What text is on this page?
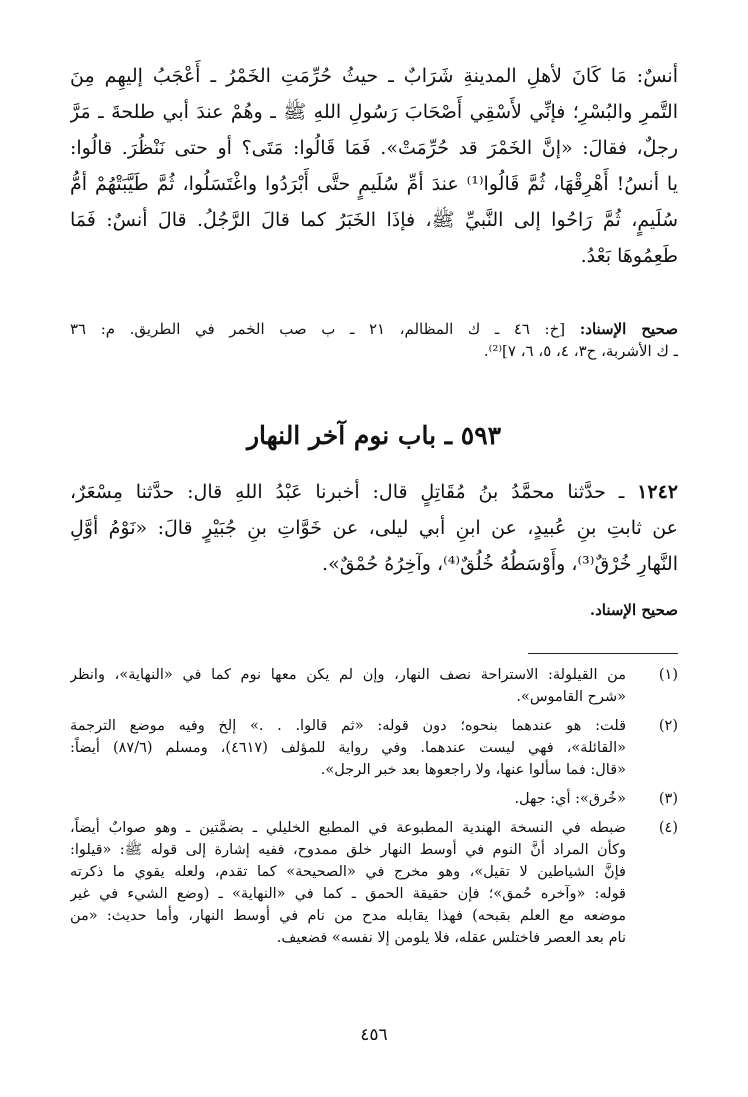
أنسٌ: مَا كَانَ لأهلِ المدينةِ شَرَابٌ ـ حيثُ حُرِّمَتِ الخَمْرُ ـ أَعْجَبُ إليهِم مِنَ
التَّمرِ والبُسْرِ؛ فإنِّي لأَسْقِي أَصْحَابَ رَسُولِ اللهِ ﷺ ـ وهُمْ عندَ أبي طلحةَ ـ مَرَّ
رجلٌ، فقالَ: «إنَّ الخَمْرَ قد حُرِّمَتْ». فَمَا قَالُوا: مَتَى؟ أو حتى نَنْظُرَ. قالُوا:
يا أنسُ! أَهْرِقْهَا، ثُمَّ قَالُوا⁽¹⁾ عندَ أمِّ سُلَيمٍ حتَّى أَبْرَدُوا واغْتَسَلُوا، ثُمَّ طَيَّبَتْهُمْ أمُّ
سُلَيمٍ، ثُمَّ رَاحُوا إلى النَّبيِّ ﷺ، فإذَا الخَبَرُ كما قالَ الرَّجُلُ. قالَ أنسٌ: فَمَا
طَعِمُوهَا بَعْدُ.
صحيح الإسناد: [خ: ٤٦ ـ ك المظالم، ٢١ ـ ب صب الخمر في الطريق. م: ٣٦
ـ ك الأشربة، ح٣، ٤، ٥، ٦، ٧]⁽²⁾.
٥٩٣ ـ باب نوم آخر النهار
١٢٤٢ ـ حدَّثنا محمَّدُ بنُ مُقَاتِلٍ قال: أخبرنا عَبْدُ اللهِ قال: حدَّثنا مِسْعَرٌ،
عن ثابتِ بنِ عُبيدٍ، عن ابنِ أبي ليلى، عن خَوَّاتِ بنِ جُبَيْرٍ قالَ: «نَوْمُ أوَّلِ
النَّهارِ خُرْقٌ⁽³⁾، وأَوْسَطُهُ خُلُقٌ⁽⁴⁾، وآخِرُهُ حُمْقٌ».
صحيح الإسناد.
(١)
من القيلولة: الاستراحة نصف النهار، وإن لم يكن معها نوم كما في «النهاية»، وانظر
«شرح القاموس».
(٢)
قلت: هو عندهما بنحوه؛ دون قوله: «ثم قالوا. . .» إلخ وفيه موضع الترجمة
«القائلة»، فهي ليست عندهما. وفي رواية للمؤلف (٤٦١٧)، ومسلم (٨٧/٦) أيضاً:
«قال: فما سألوا عنها، ولا راجعوها بعد خبر الرجل».
(٣)
«خُرق»: أي: جهل.
(٤)
ضبطه في النسخة الهندية المطبوعة في المطبع الخليلي ـ بضمَّتين ـ وهو صوابٌ أيضاً،
وكأن المراد أنَّ النوم في أوسط النهار خلق ممدوح، ففيه إشارة إلى قوله ﷺ: «قيلوا:
فإنَّ الشياطين لا تقيل»، وهو مخرج في «الصحيحة» كما تقدم، ولعله يقوي ما ذكرته
قوله: «وآخره حُمق»؛ فإن حقيقة الحمق ـ كما في «النهاية» ـ (وضع الشيء في غير
موضعه مع العلم بقبحه) فهذا يقابله مدح من نام في أوسط النهار، وأما حديث: «من
نام بعد العصر فاختلس عقله، فلا يلومن إلا نفسه» فضعيف.
٤٥٦
